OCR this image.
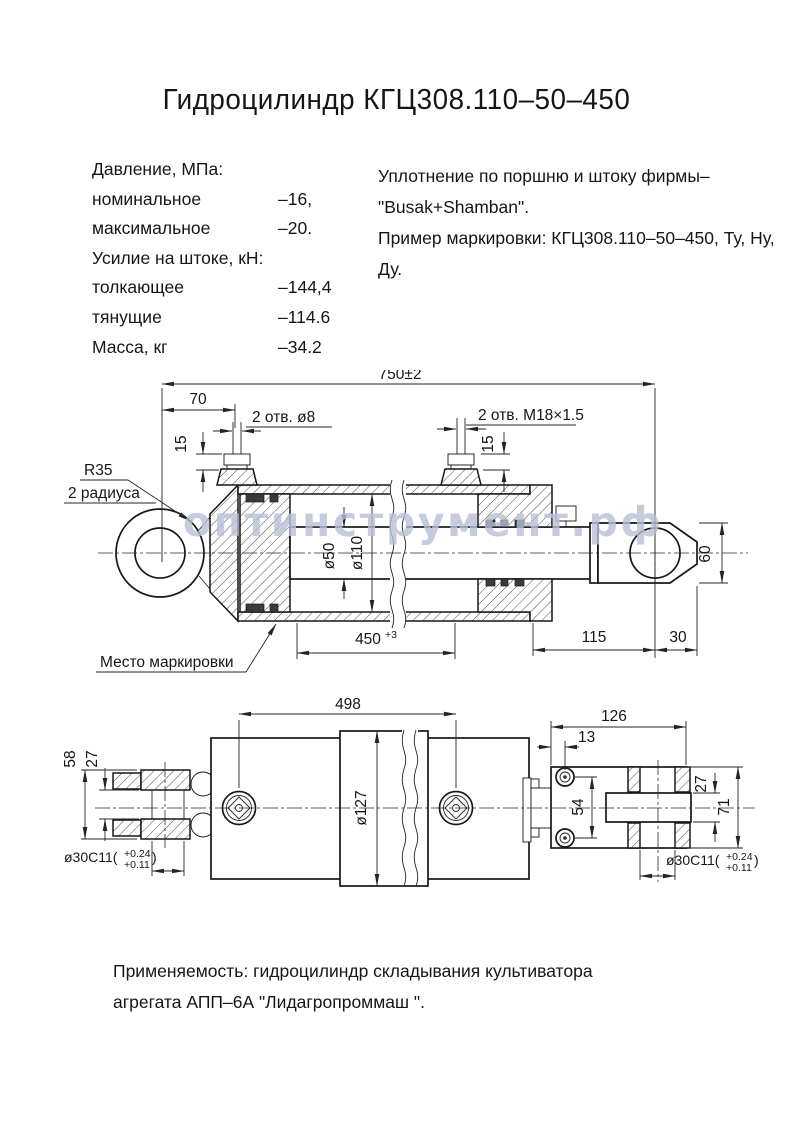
Гидроцилиндр КГЦ308.110–50–450
Давление, МПа:
номинальное	–16,
максимальное	–20.
Усилие на штоке, кН:
толкающее	–144,4
тянущие	–114.6
Масса, кг	–34.2
Уплотнение по поршню и штоку фирмы–
"Busak+Shamban".
Пример маркировки: КГЦ308.110–50–450, Ту, Ну, Ду.
оптинструмент.рф
750±2
70
2 отв. ø8	2 отв. М18×1.5
15	15
R35
2 радиуса
ø50 ø110
450 +3	115	30
60
Место маркировки
498
126
13
58 27
ø127	54
27
71
ø30С11( +0.24
+0.11 )	ø30С11( +0.24
+0.11 )
Применяемость: гидроцилиндр складывания культиватора
агрегата АПП–6А "Лидагропроммаш ".
